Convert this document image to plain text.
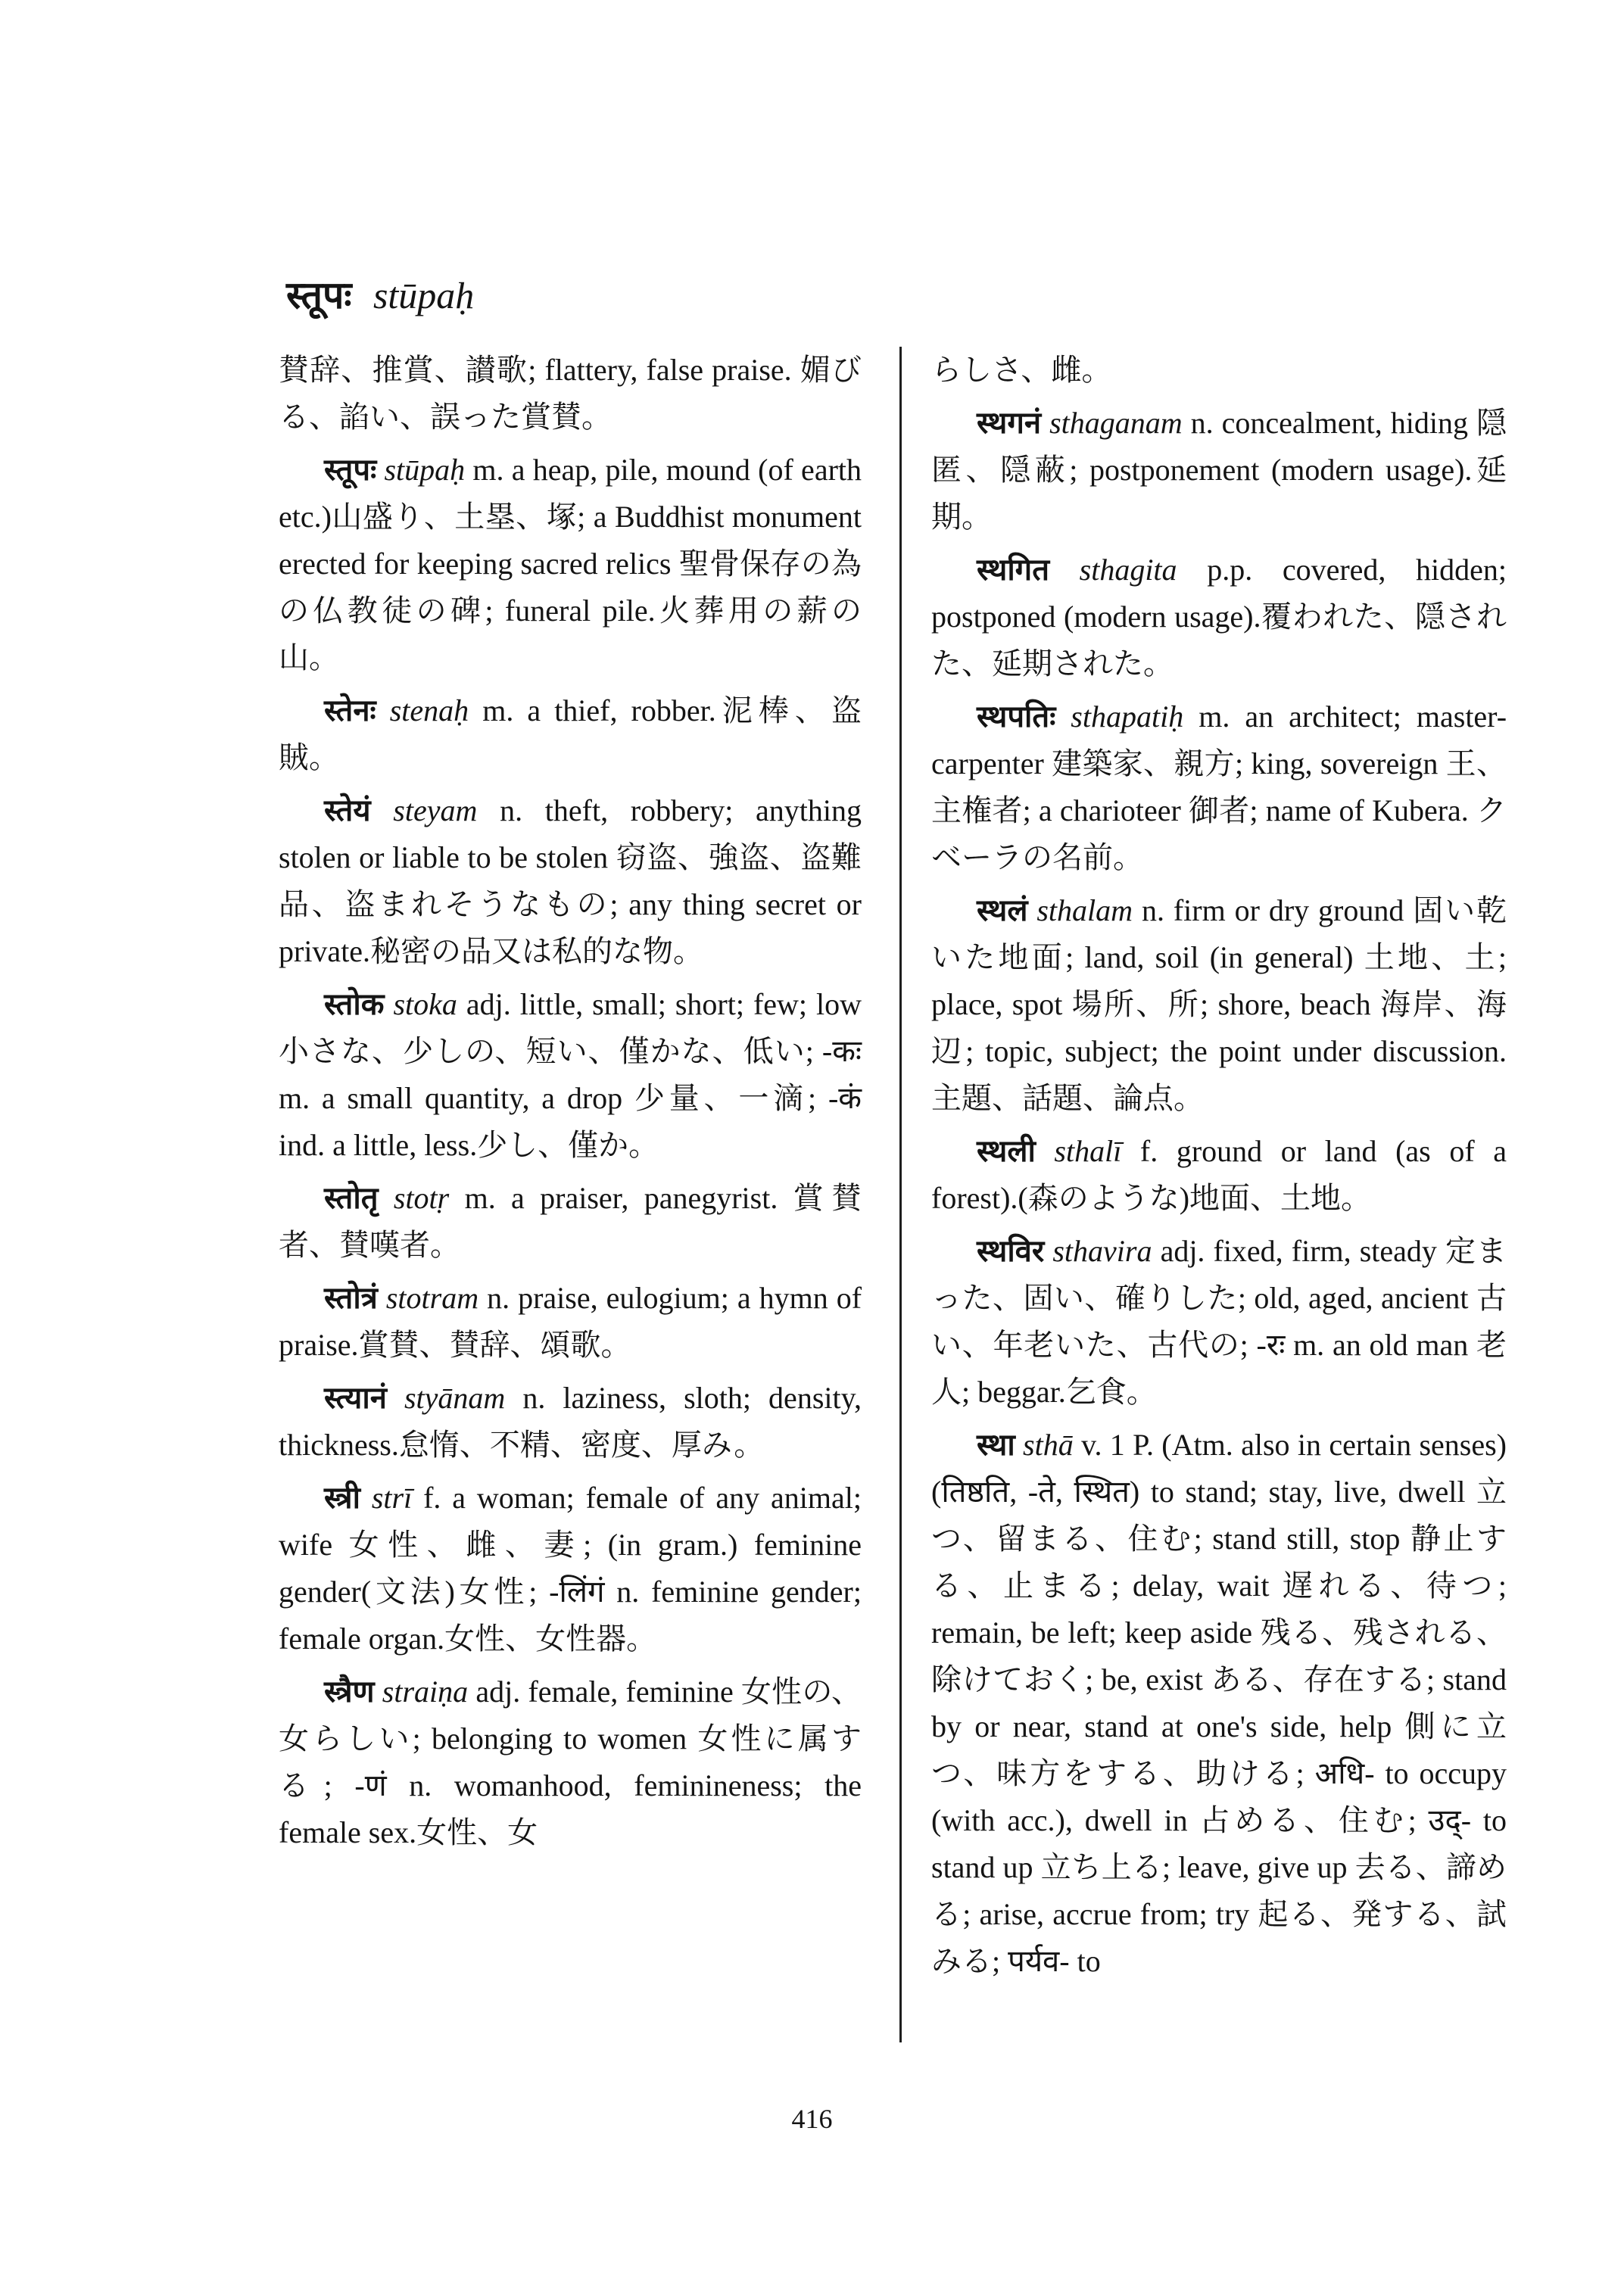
स्तूपः stūpaḥ

賛辞、推賞、讃歌; flattery, false praise. 媚びる、諂い、誤った賞賛。

स्तूपः stūpaḥ m. a heap, pile, mound (of earth etc.)山盛り、土塁、塚; a Buddhist monument erected for keeping sacred relics 聖骨保存の為の仏教徒の碑; funeral pile.火葬用の薪の山。

स्तेनः stenaḥ m. a thief, robber.泥棒、盗賊。

स्तेयं steyam n. theft, robbery; anything stolen or liable to be stolen 窃盗、強盗、盗難品、盗まれそうなもの; any thing secret or private.秘密の品又は私的な物。

स्तोक stoka adj. little, small; short; few; low 小さな、少しの、短い、僅かな、低い; -कः m. a small quantity, a drop 少量、一滴; -कं ind. a little, less.少し、僅か。

स्तोतृ stotṛ m. a praiser, panegyrist. 賞賛者、賛嘆者。

स्तोत्रं stotram n. praise, eulogium; a hymn of praise.賞賛、賛辞、頌歌。

स्त्यानं styānam n. laziness, sloth; density, thickness.怠惰、不精、密度、厚み。

स्त्री strī f. a woman; female of any animal; wife 女性、雌、妻; (in gram.) feminine gender(文法)女性; -लिंगं n. feminine gender; female organ.女性、女性器。

स्त्रैण straiṇa adj. female, feminine 女性の、女らしい; belonging to women 女性に属する; -णं n. womanhood, feminineness; the female sex.女性、女

らしさ、雌。

स्थगनं sthaganam n. concealment, hiding 隠匿、隠蔽; postponement (modern usage).延期。

स्थगित sthagita p.p. covered, hidden; postponed (modern usage).覆われた、隠された、延期された。

स्थपतिः sthapatiḥ m. an architect; master-carpenter 建築家、親方; king, sovereign 王、主権者; a charioteer 御者; name of Kubera. クベーラの名前。

स्थलं sthalam n. firm or dry ground 固い乾いた地面; land, soil (in general) 土地、土; place, spot 場所、所; shore, beach 海岸、海辺; topic, subject; the point under discussion.主題、話題、論点。

स्थली sthalī f. ground or land (as of a forest).(森のような)地面、土地。

स्थविर sthavira adj. fixed, firm, steady 定まった、固い、確りした; old, aged, ancient 古い、年老いた、古代の; -रः m. an old man 老人; beggar.乞食。

स्था sthā v. 1 P. (Atm. also in certain senses) (तिष्ठति, -ते, स्थित) to stand; stay, live, dwell 立つ、留まる、住む; stand still, stop 静止する、止まる; delay, wait 遅れる、待つ; remain, be left; keep aside 残る、残される、除けておく; be, exist ある、存在する; stand by or near, stand at one's side, help 側に立つ、味方をする、助ける; अधि- to occupy (with acc.), dwell in 占める、住む; उद्- to stand up 立ち上る; leave, give up 去る、諦める; arise, accrue from; try 起る、発する、試みる; पर्यव- to

416
